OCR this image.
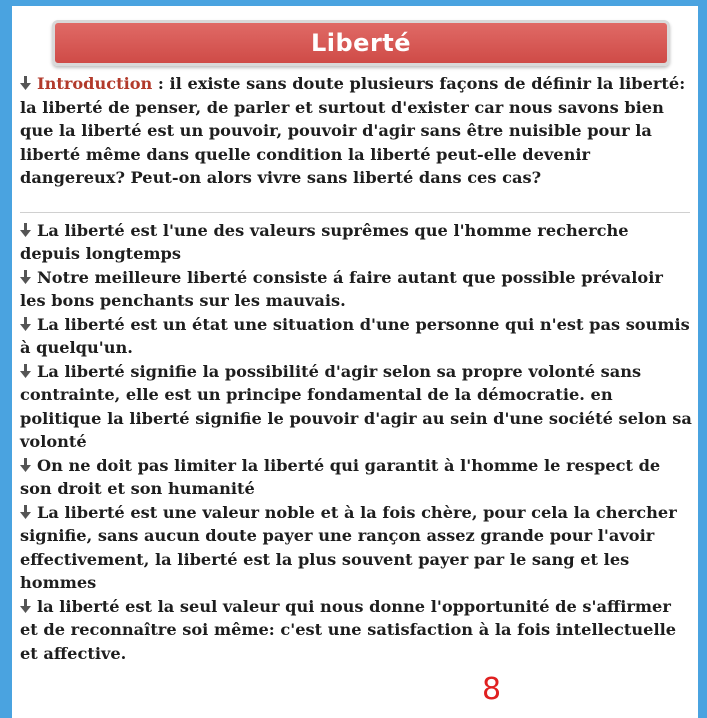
Liberté

Introduction : il existe sans doute plusieurs façons de définir la liberté: la liberté de penser, de parler et surtout d'exister car nous savons bien que la liberté est un pouvoir, pouvoir d'agir sans être nuisible pour la liberté même dans quelle condition la liberté peut-elle devenir dangereux? Peut-on alors vivre sans liberté dans ces cas?

La liberté est l'une des valeurs suprêmes que l'homme recherche depuis longtemps

Notre meilleure liberté consiste á faire autant que possible prévaloir les bons penchants sur les mauvais.

La liberté est un état une situation d'une personne qui n'est pas soumis à quelqu'un.

La liberté signifie la possibilité d'agir selon sa propre volonté sans contrainte, elle est un principe fondamental de la démocratie. en politique la liberté signifie le pouvoir d'agir au sein d'une société selon sa volonté

On ne doit pas limiter la liberté qui garantit à l'homme le respect de son droit et son humanité

La liberté est une valeur noble et à la fois chère, pour cela la chercher signifie, sans aucun doute payer une rançon assez grande pour l'avoir effectivement, la liberté est la plus souvent payer par le sang et les hommes

la liberté est la seul valeur qui nous donne l'opportunité de s'affirmer et de reconnaître soi même: c'est une satisfaction à la fois intellectuelle et affective.

8
